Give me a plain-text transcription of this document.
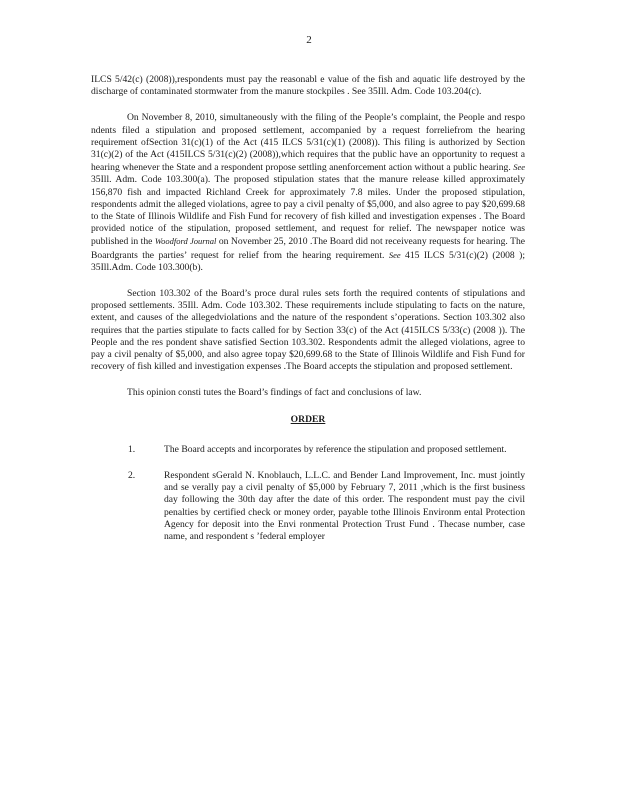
2

ILCS 5/42(c) (2008)),respondents must pay the reasonabl e value of the fish and aquatic life destroyed by the discharge of contaminated stormwater from the manure stockpiles . See 35Ill. Adm. Code 103.204(c).

On November 8, 2010, simultaneously with the filing of the People’s complaint, the People and respo ndents filed a stipulation and proposed settlement, accompanied by a request forreliefrom the hearing requirement ofSection 31(c)(1) of the Act (415 ILCS 5/31(c)(1) (2008)). This filing is authorized by Section 31(c)(2) of the Act (415ILCS 5/31(c)(2) (2008)),which requires that the public have an opportunity to request a hearing whenever the State and a respondent propose settling anenforcement action without a public hearing. See 35Ill. Adm. Code 103.300(a). The proposed stipulation states that the manure release killed approximately 156,870 fish and impacted Richland Creek for approximately 7.8 miles. Under the proposed stipulation, respondents admit the alleged violations, agree to pay a civil penalty of $5,000, and also agree to pay $20,699.68 to the State of Illinois Wildlife and Fish Fund for recovery of fish killed and investigation expenses . The Board provided notice of the stipulation, proposed settlement, and request for relief. The newspaper notice was published in the Woodford Journal on November 25, 2010 .The Board did not receiveany requests for hearing. The Boardgrants the parties’ request for relief from the hearing requirement. See 415 ILCS 5/31(c)(2) (2008 ); 35Ill.Adm. Code 103.300(b).

Section 103.302 of the Board’s proce dural rules sets forth the required contents of stipulations and proposed settlements. 35Ill. Adm. Code 103.302. These requirements include stipulating to facts on the nature, extent, and causes of the allegedviolations and the nature of the respondent s’operations. Section 103.302 also requires that the parties stipulate to facts called for by Section 33(c) of the Act (415ILCS 5/33(c) (2008 )). The People and the res pondent shave satisfied Section 103.302. Respondents admit the alleged violations, agree to pay a civil penalty of $5,000, and also agree topay $20,699.68 to the State of Illinois Wildlife and Fish Fund for recovery of fish killed and investigation expenses .The Board accepts the stipulation and proposed settlement.

This opinion consti tutes the Board’s findings of fact and conclusions of law.

ORDER
1.	The Board accepts and incorporates by reference the stipulation and proposed settlement.

2.	Respondent sGerald N. Knoblauch, L.L.C. and Bender Land Improvement, Inc. must jointly and se verally pay a civil penalty of $5,000 by February 7, 2011 ,which is the first business day following the 30th day after the date of this order. The respondent must pay the civil penalties by certified check or money order, payable tothe Illinois Environm ental Protection Agency for deposit into the Envi ronmental Protection Trust Fund . Thecase number, case name, and respondent s ’federal employer
